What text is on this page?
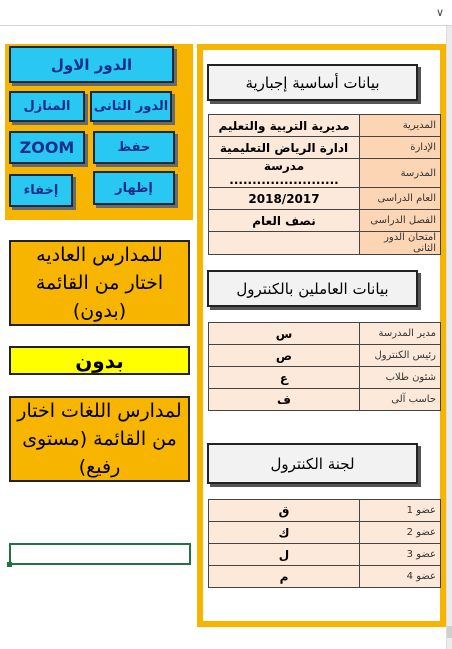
∨
الدور الاول
الدور الثانى
المنازل
ZOOM	حفظ
إخفاء	إظهار
للمدارس العاديه اختار من القائمة (بدون)
بدون
لمدارس اللغات اختار من القائمة (مستوى رفيع)
بيانات أساسية إجبارية
المديرية	مديرية التربية والتعليم
الإدارة	ادارة الرياض التعليمية
المدرسة	مدرسة ........................
العام الدراسى	2018/2017
الفصل الدراسى	نصف العام
امتحان الدور الثانى	
بيانات العاملين بالكنترول
مدير المدرسة	س
رئيس الكنترول	ص
شئون طلاب	ع
حاسب آلى	ف
لجنة الكنترول
عضو 1	ق
عضو 2	ك
عضو 3	ل
عضو 4	م
